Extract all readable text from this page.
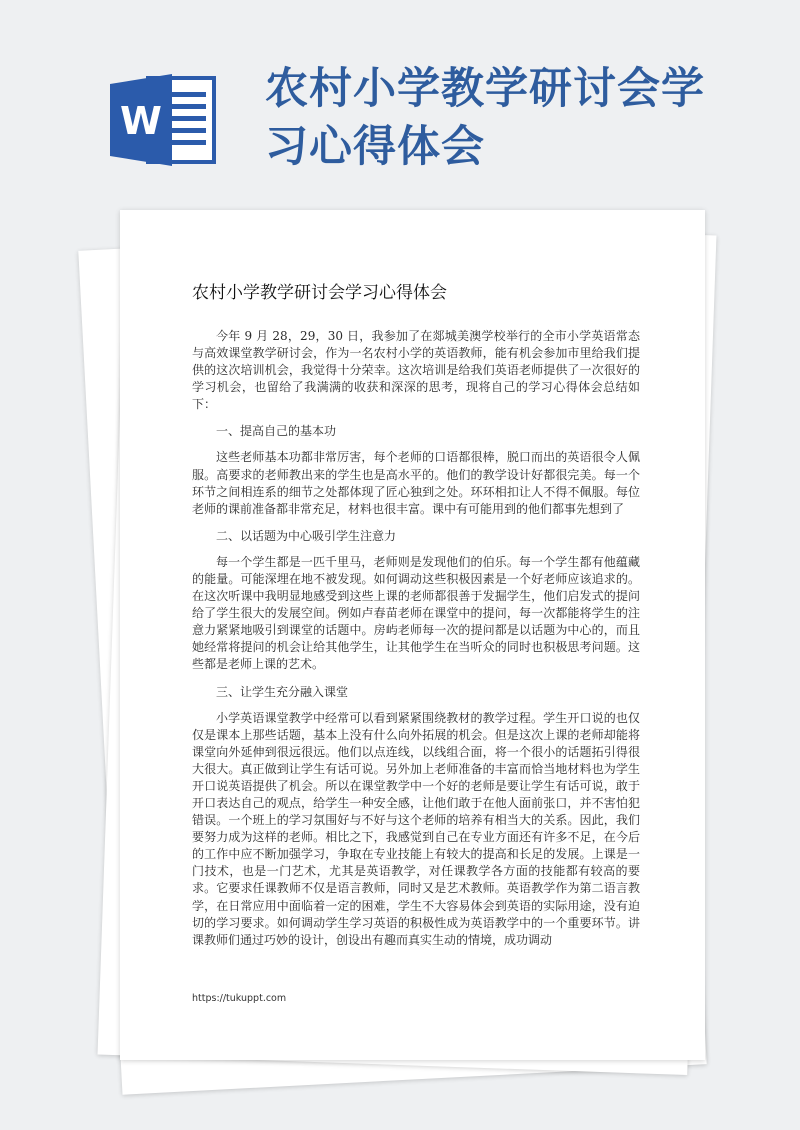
W
农村小学教学研讨会学习心得体会
农村小学教学研讨会学习心得体会

今年 9 月 28，29，30 日，我参加了在郯城美澳学校举行的全市小学英语常态与高效课堂教学研讨会，作为一名农村小学的英语教师，能有机会参加市里给我们提供的这次培训机会，我觉得十分荣幸。这次培训是给我们英语老师提供了一次很好的学习机会，也留给了我满满的收获和深深的思考，现将自己的学习心得体会总结如下：

一、提高自己的基本功

这些老师基本功都非常厉害，每个老师的口语都很棒，脱口而出的英语很令人佩服。高要求的老师教出来的学生也是高水平的。他们的教学设计好都很完美。每一个环节之间相连系的细节之处都体现了匠心独到之处。环环相扣让人不得不佩服。每位老师的课前准备都非常充足，材料也很丰富。课中有可能用到的他们都事先想到了

二、以话题为中心吸引学生注意力

每一个学生都是一匹千里马，老师则是发现他们的伯乐。每一个学生都有他蕴藏的能量。可能深埋在地不被发现。如何调动这些积极因素是一个好老师应该追求的。在这次听课中我明显地感受到这些上课的老师都很善于发掘学生，他们启发式的提问给了学生很大的发展空间。例如卢春苗老师在课堂中的提问，每一次都能将学生的注意力紧紧地吸引到课堂的话题中。房屿老师每一次的提问都是以话题为中心的，而且她经常将提问的机会让给其他学生，让其他学生在当听众的同时也积极思考问题。这些都是老师上课的艺术。

三、让学生充分融入课堂

小学英语课堂教学中经常可以看到紧紧围绕教材的教学过程。学生开口说的也仅仅是课本上那些话题，基本上没有什么向外拓展的机会。但是这次上课的老师却能将课堂向外延伸到很远很远。他们以点连线，以线组合面，将一个很小的话题拓引得很大很大。真正做到让学生有话可说。另外加上老师准备的丰富而恰当地材料也为学生开口说英语提供了机会。所以在课堂教学中一个好的老师是要让学生有话可说，敢于开口表达自己的观点，给学生一种安全感，让他们敢于在他人面前张口，并不害怕犯错误。一个班上的学习氛围好与不好与这个老师的培养有相当大的关系。因此，我们要努力成为这样的老师。相比之下，我感觉到自己在专业方面还有许多不足，在今后的工作中应不断加强学习，争取在专业技能上有较大的提高和长足的发展。上课是一门技术，也是一门艺术，尤其是英语教学，对任课教学各方面的技能都有较高的要求。它要求任课教师不仅是语言教师，同时又是艺术教师。英语教学作为第二语言教学，在日常应用中面临着一定的困难，学生不大容易体会到英语的实际用途，没有迫切的学习要求。如何调动学生学习英语的积极性成为英语教学中的一个重要环节。讲课教师们通过巧妙的设计，创设出有趣而真实生动的情境，成功调动

https://tukuppt.com
